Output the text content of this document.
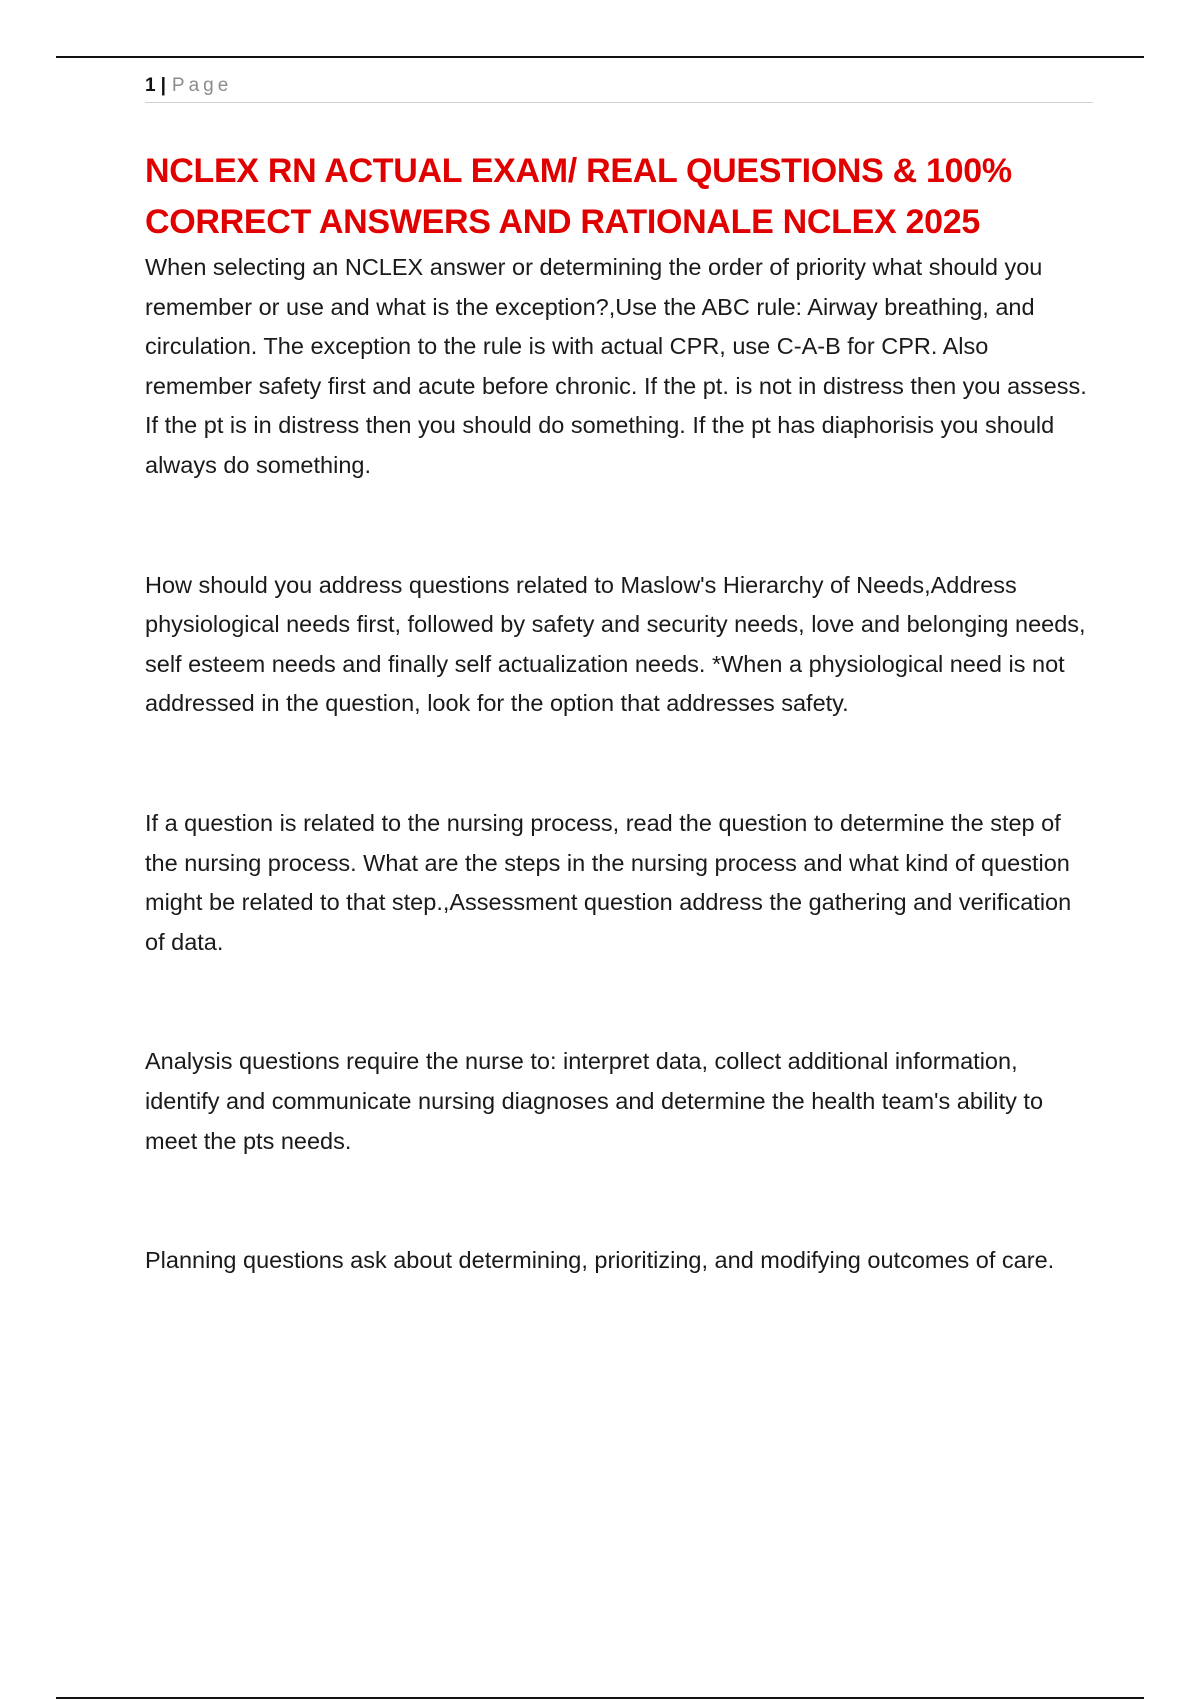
1 | Page
NCLEX RN ACTUAL EXAM/ REAL QUESTIONS & 100% CORRECT ANSWERS AND RATIONALE NCLEX 2025

When selecting an NCLEX answer or determining the order of priority what should you remember or use and what is the exception?,Use the ABC rule: Airway breathing, and circulation. The exception to the rule is with actual CPR, use C-A-B for CPR. Also remember safety first and acute before chronic. If the pt. is not in distress then you assess. If the pt is in distress then you should do something. If the pt has diaphorisis you should always do something.

How should you address questions related to Maslow's Hierarchy of Needs,Address physiological needs first, followed by safety and security needs, love and belonging needs, self esteem needs and finally self actualization needs. *When a physiological need is not addressed in the question, look for the option that addresses safety.

If a question is related to the nursing process, read the question to determine the step of the nursing process. What are the steps in the nursing process and what kind of question might be related to that step.,Assessment question address the gathering and verification of data.

Analysis questions require the nurse to: interpret data, collect additional information, identify and communicate nursing diagnoses and determine the health team's ability to meet the pts needs.

Planning questions ask about determining, prioritizing, and modifying outcomes of care.
